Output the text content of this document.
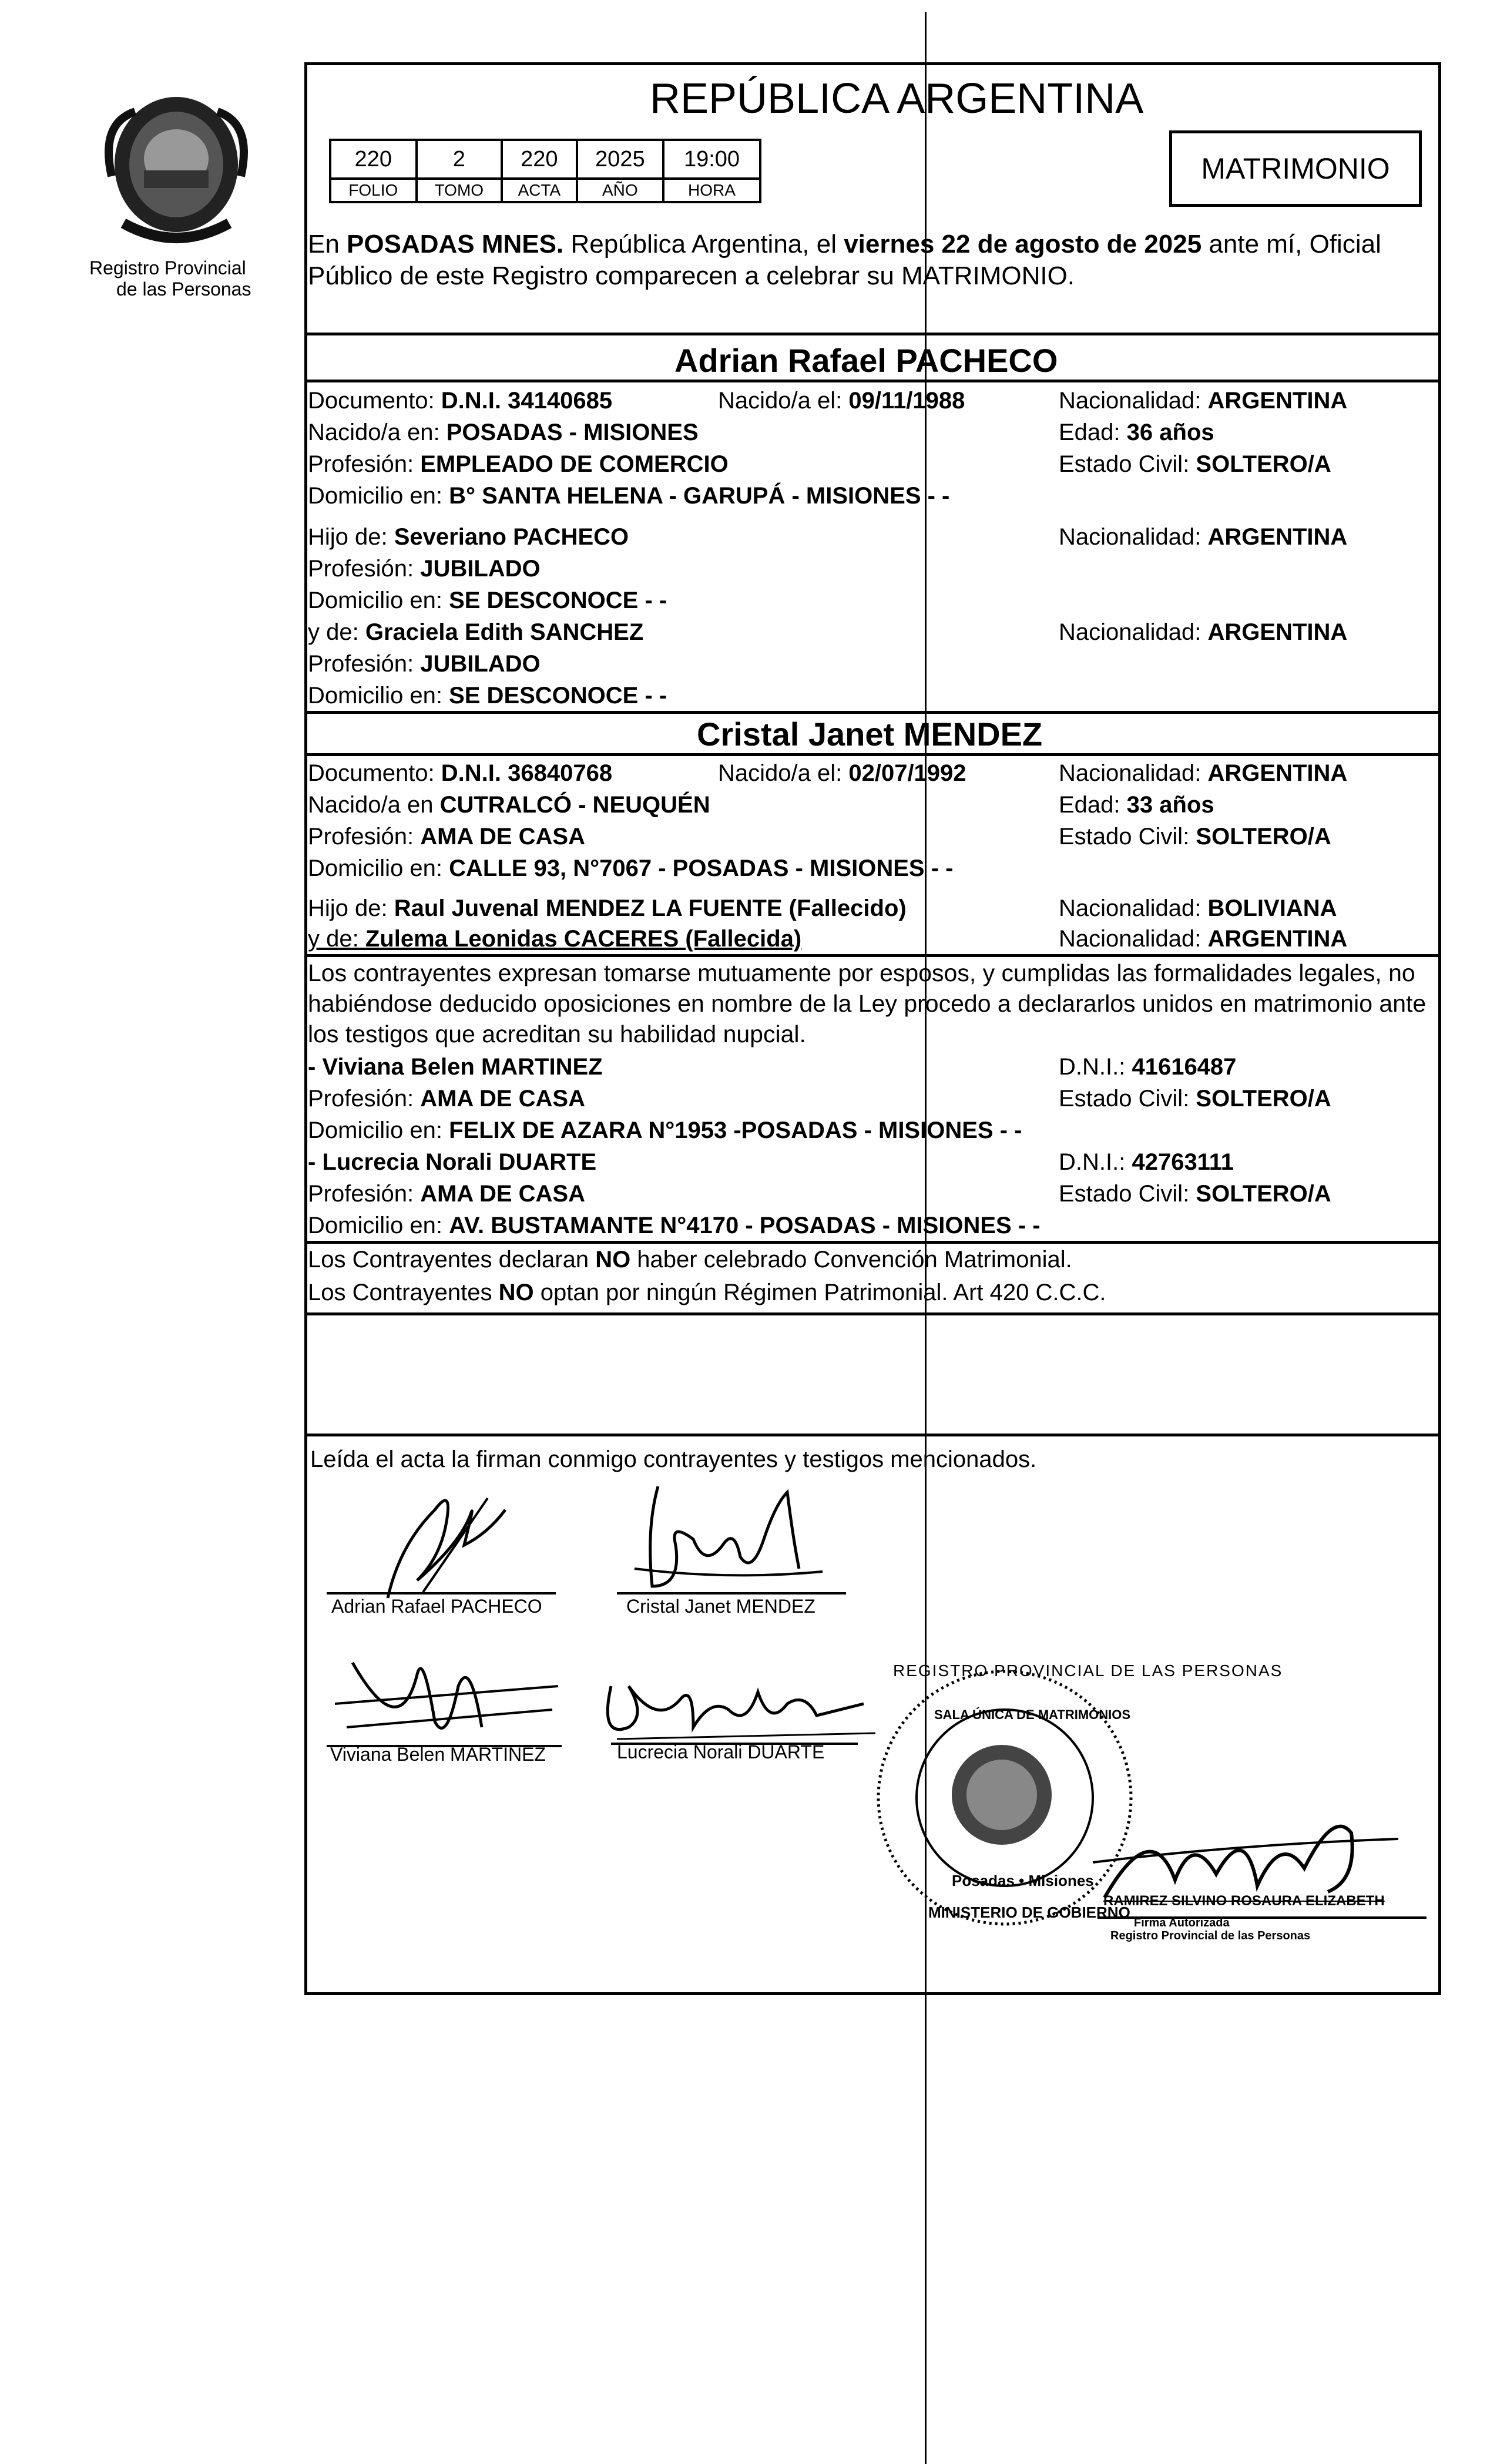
Registro Provincial
de las Personas
REPÚBLICA ARGENTINA
220	2	220	2025	19:00
FOLIO	TOMO	ACTA	AÑO	HORA
MATRIMONIO
En POSADAS MNES. República Argentina, el viernes 22 de agosto de 2025 ante mí, Oficial
Público de este Registro comparecen a celebrar su MATRIMONIO.
Adrian Rafael PACHECO
Documento: D.N.I. 34140685	Nacido/a el: 09/11/1988	Nacionalidad: ARGENTINA
Nacido/a en: POSADAS - MISIONES	Edad: 36 años
Profesión: EMPLEADO DE COMERCIO	Estado Civil: SOLTERO/A
Domicilio en: B° SANTA HELENA - GARUPÁ - MISIONES - -
Hijo de: Severiano PACHECO	Nacionalidad: ARGENTINA
Profesión: JUBILADO
Domicilio en: SE DESCONOCE - -
y de: Graciela Edith SANCHEZ	Nacionalidad: ARGENTINA
Profesión: JUBILADO
Domicilio en: SE DESCONOCE - -
Cristal Janet MENDEZ
Documento: D.N.I. 36840768	Nacido/a el: 02/07/1992	Nacionalidad: ARGENTINA
Nacido/a en CUTRALCÓ - NEUQUÉN	Edad: 33 años
Profesión: AMA DE CASA	Estado Civil: SOLTERO/A
Domicilio en: CALLE 93, N°7067 - POSADAS - MISIONES - -
Hijo de: Raul Juvenal MENDEZ LA FUENTE (Fallecido)	Nacionalidad: BOLIVIANA
y de: Zulema Leonidas CACERES (Fallecida)	Nacionalidad: ARGENTINA
Los contrayentes expresan tomarse mutuamente por esposos, y cumplidas las formalidades legales, no
habiéndose deducido oposiciones en nombre de la Ley procedo a declararlos unidos en matrimonio ante
los testigos que acreditan su habilidad nupcial.
- Viviana Belen MARTINEZ	D.N.I.: 41616487
Profesión: AMA DE CASA	Estado Civil: SOLTERO/A
Domicilio en: FELIX DE AZARA N°1953 -POSADAS - MISIONES - -
- Lucrecia Norali DUARTE	D.N.I.: 42763111
Profesión: AMA DE CASA	Estado Civil: SOLTERO/A
Domicilio en: AV. BUSTAMANTE N°4170 - POSADAS - MISIONES - -
Los Contrayentes declaran NO haber celebrado Convención Matrimonial.
Los Contrayentes NO optan por ningún Régimen Patrimonial. Art 420 C.C.C.
Leída el acta la firman conmigo contrayentes y testigos mencionados.
Adrian Rafael PACHECO	Cristal Janet MENDEZ
Viviana Belen MARTINEZ	Lucrecia Norali DUARTE
REGISTRO PROVINCIAL DE LAS PERSONAS
SALA ÚNICA DE MATRIMONIOS
Posadas • Misiones
MINISTERIO DE GOBIERNO
RAMIREZ SILVINO ROSAURA ELIZABETH
Firma Autorizada
Registro Provincial de las Personas
